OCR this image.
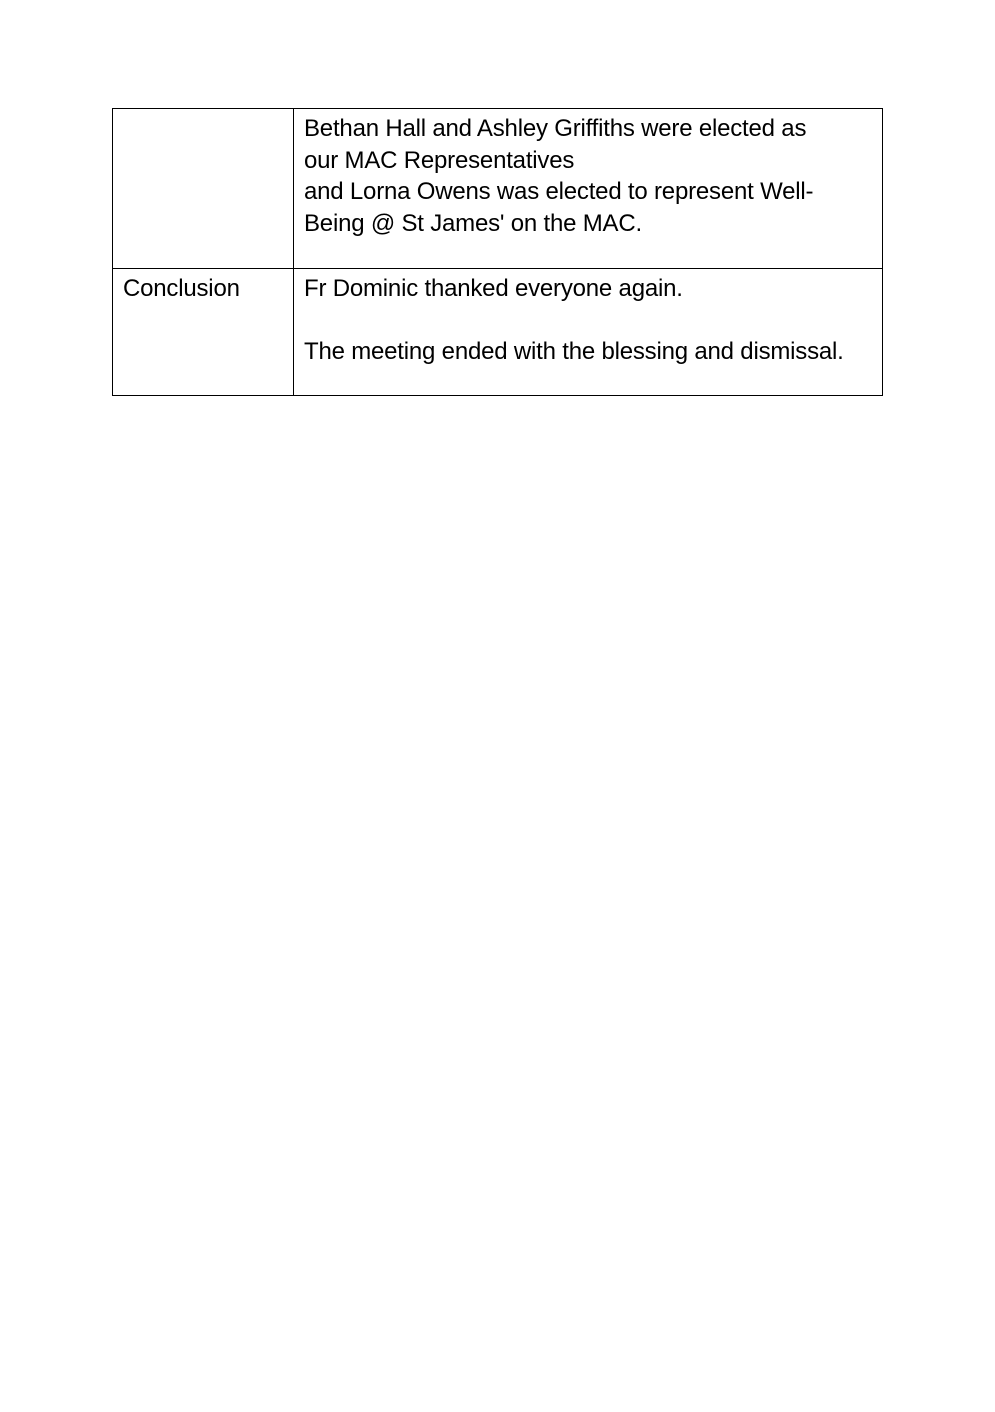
	Bethan Hall and Ashley Griffiths were elected as
our MAC Representatives
and Lorna Owens was elected to represent Well-
Being @ St James' on the MAC.

Conclusion	Fr Dominic thanked everyone again.
The meeting ended with the blessing and dismissal.
